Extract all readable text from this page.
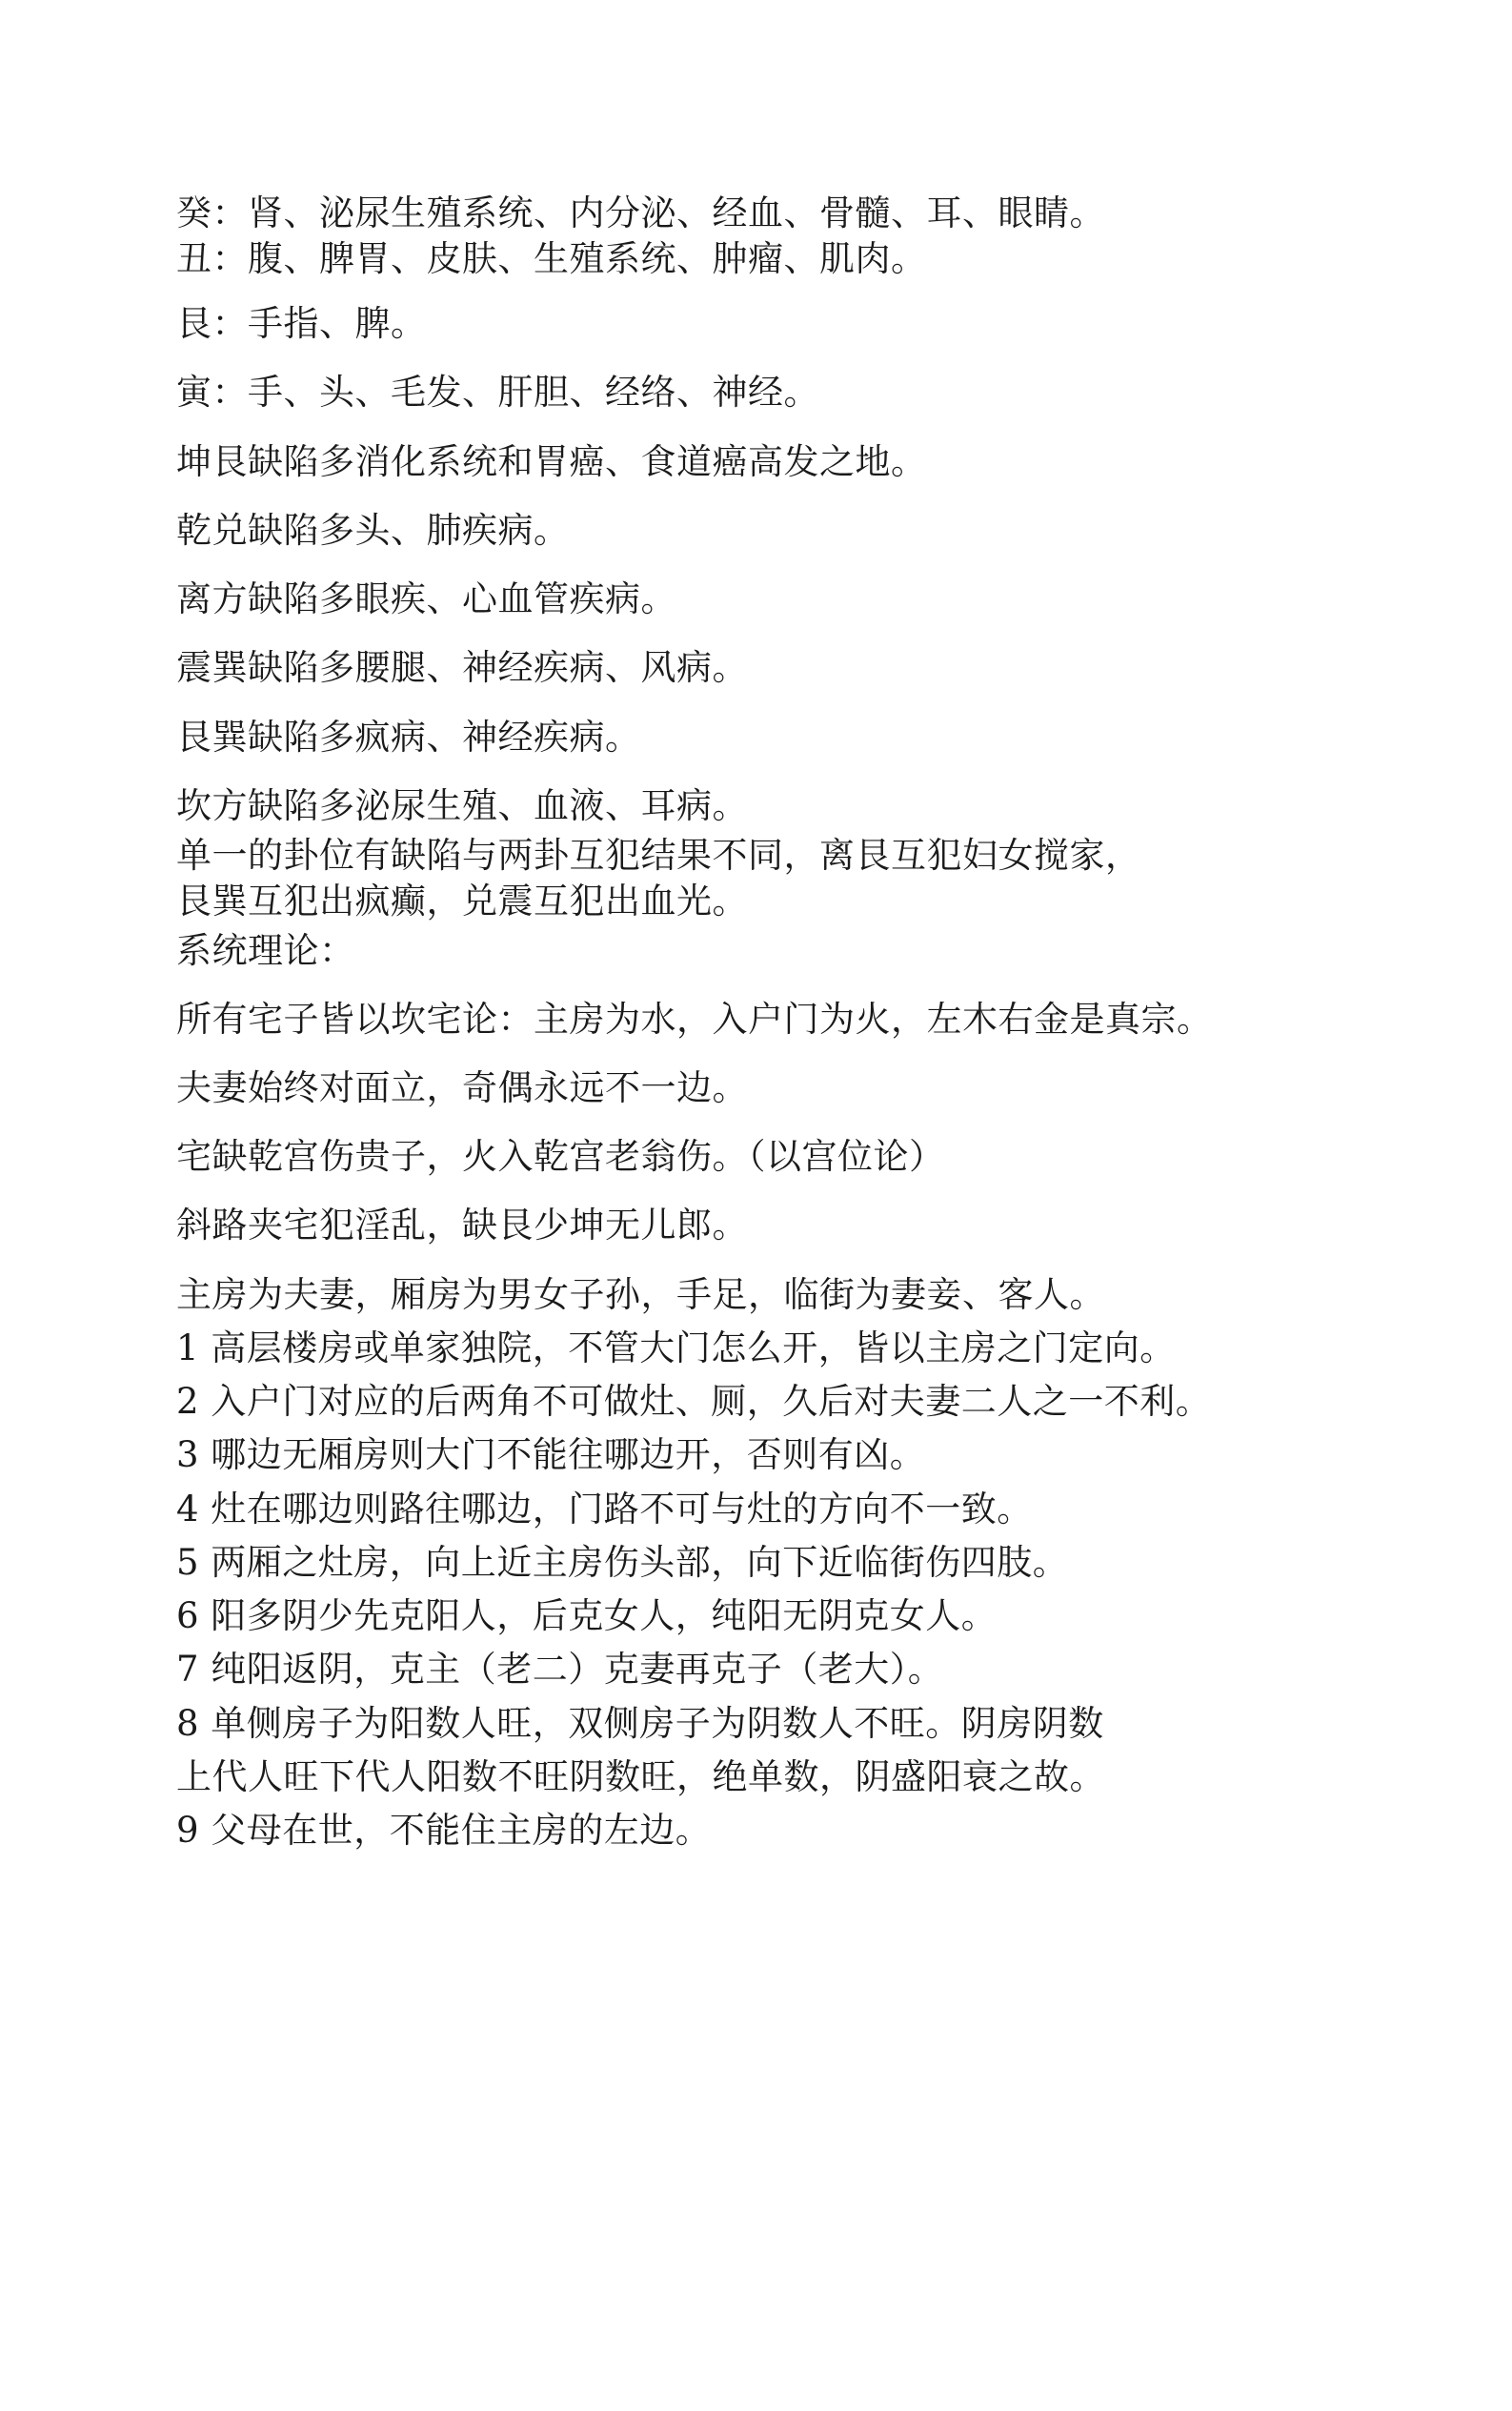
癸：肾、泌尿生殖系统、内分泌、经血、骨髓、耳、眼睛。

丑：腹、脾胃、皮肤、生殖系统、肿瘤、肌肉。

艮：手指、脾。

寅：手、头、毛发、肝胆、经络、神经。

坤艮缺陷多消化系统和胃癌、食道癌高发之地。

乾兑缺陷多头、肺疾病。

离方缺陷多眼疾、心血管疾病。

震巽缺陷多腰腿、神经疾病、风病。

艮巽缺陷多疯病、神经疾病。

坎方缺陷多泌尿生殖、血液、耳病。

单一的卦位有缺陷与两卦互犯结果不同，离艮互犯妇女搅家，

艮巽互犯出疯癫，兑震互犯出血光。

系统理论：

所有宅子皆以坎宅论：主房为水，入户门为火，左木右金是真宗。

夫妻始终对面立，奇偶永远不一边。

宅缺乾宫伤贵子，火入乾宫老翁伤。（以宫位论）

斜路夹宅犯淫乱，缺艮少坤无儿郎。

主房为夫妻，厢房为男女子孙，手足，临街为妻妾、客人。

1 高层楼房或单家独院，不管大门怎么开，皆以主房之门定向。

2 入户门对应的后两角不可做灶、厕，久后对夫妻二人之一不利。

3 哪边无厢房则大门不能往哪边开，否则有凶。

4 灶在哪边则路往哪边，门路不可与灶的方向不一致。

5 两厢之灶房，向上近主房伤头部，向下近临街伤四肢。

6 阳多阴少先克阳人，后克女人，纯阳无阴克女人。

7 纯阳返阴，克主（老二）克妻再克子（老大）。

8 单侧房子为阳数人旺，双侧房子为阴数人不旺。阴房阴数

上代人旺下代人阳数不旺阴数旺，绝单数，阴盛阳衰之故。

9 父母在世，不能住主房的左边。
